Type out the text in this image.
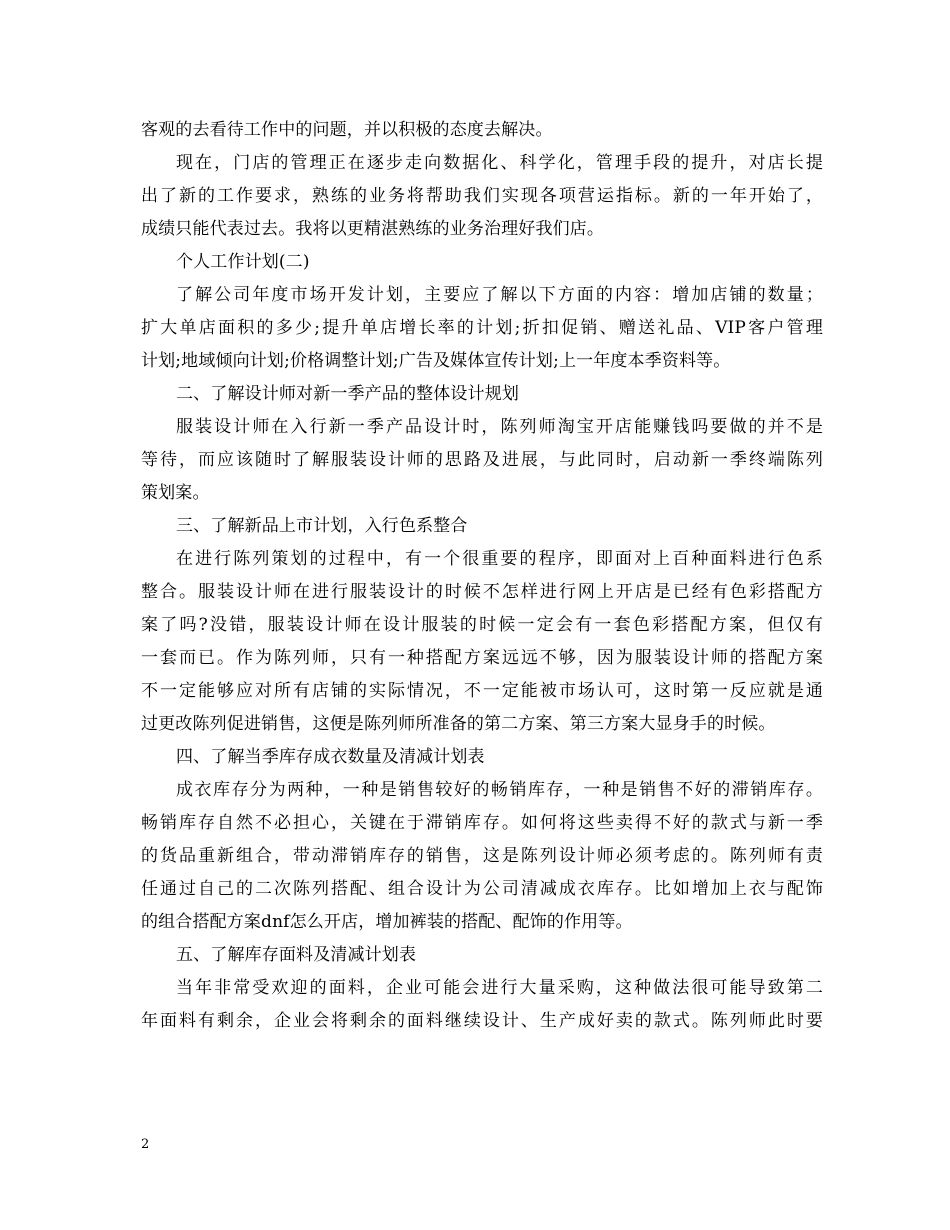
客观的去看待工作中的问题，并以积极的态度去解决。
现在，门店的管理正在逐步走向数据化、科学化，管理手段的提升，对店长提
出了新的工作要求，熟练的业务将帮助我们实现各项营运指标。新的一年开始了，
成绩只能代表过去。我将以更精湛熟练的业务治理好我们店。
个人工作计划(二)
了解公司年度市场开发计划，主要应了解以下方面的内容：增加店铺的数量；
扩大单店面积的多少;提升单店增长率的计划;折扣促销、赠送礼品、VIP客户管理
计划;地域倾向计划;价格调整计划;广告及媒体宣传计划;上一年度本季资料等。
二、了解设计师对新一季产品的整体设计规划
服装设计师在入行新一季产品设计时，陈列师淘宝开店能赚钱吗要做的并不是
等待，而应该随时了解服装设计师的思路及进展，与此同时，启动新一季终端陈列
策划案。
三、了解新品上市计划，入行色系整合
在进行陈列策划的过程中，有一个很重要的程序，即面对上百种面料进行色系
整合。服装设计师在进行服装设计的时候不怎样进行网上开店是已经有色彩搭配方
案了吗?没错，服装设计师在设计服装的时候一定会有一套色彩搭配方案，但仅有
一套而已。作为陈列师，只有一种搭配方案远远不够，因为服装设计师的搭配方案
不一定能够应对所有店铺的实际情况，不一定能被市场认可，这时第一反应就是通
过更改陈列促进销售，这便是陈列师所准备的第二方案、第三方案大显身手的时候。
四、了解当季库存成衣数量及清减计划表
成衣库存分为两种，一种是销售较好的畅销库存，一种是销售不好的滞销库存。
畅销库存自然不必担心，关键在于滞销库存。如何将这些卖得不好的款式与新一季
的货品重新组合，带动滞销库存的销售，这是陈列设计师必须考虑的。陈列师有责
任通过自己的二次陈列搭配、组合设计为公司清减成衣库存。比如增加上衣与配饰
的组合搭配方案dnf怎么开店，增加裤装的搭配、配饰的作用等。
五、了解库存面料及清减计划表
当年非常受欢迎的面料，企业可能会进行大量采购，这种做法很可能导致第二
年面料有剩余，企业会将剩余的面料继续设计、生产成好卖的款式。陈列师此时要
2
